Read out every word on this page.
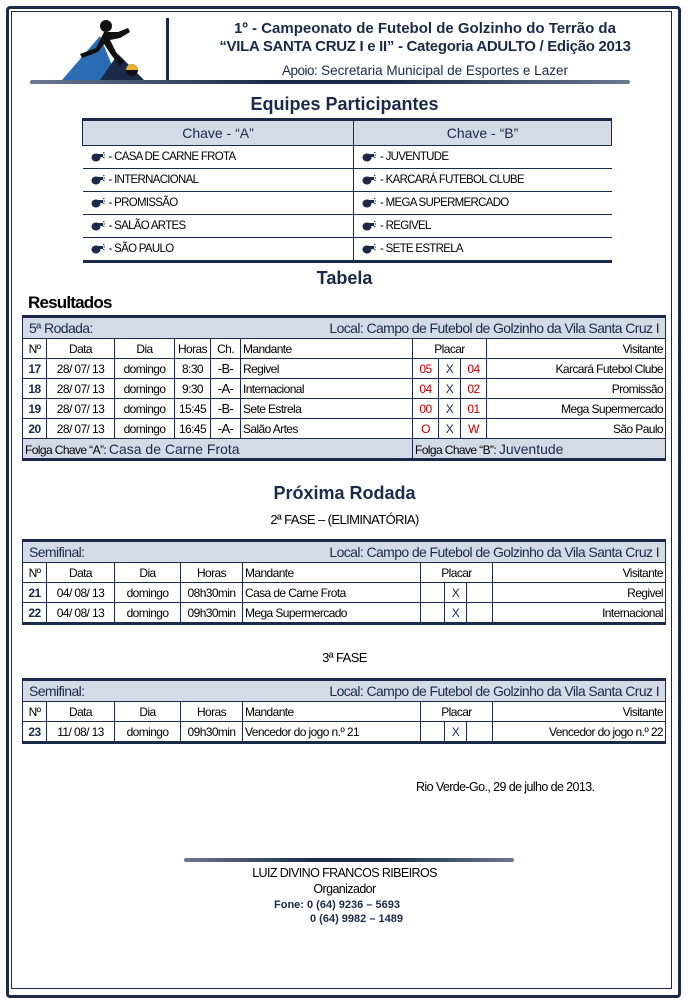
1º - Campeonato de Futebol de Golzinho do Terrão da
“VILA SANTA CRUZ I e II” - Categoria ADULTO / Edição 2013
Apoio: Secretaria Municipal de Esportes e Lazer
Equipes Participantes
Chave - “A”	Chave - “B”
- CASA DE CARNE FROTA	- JUVENTUDE
- INTERNACIONAL	- KARCARÁ FUTEBOL CLUBE
- PROMISSÃO	- MEGA SUPERMERCADO
- SALÃO ARTES	- REGIVEL
- SÃO PAULO	- SETE ESTRELA
Tabela
Resultados
5ª Rodada:					Local: Campo de Futebol de Golzinho da Vila Santa Cruz I				
Nº	Data	Dia	Horas	Ch.	Mandante	Placar			Visitante
17	28/ 07/ 13	domingo	8:30	-B-	Regivel	05	X	04	Karcará Futebol Clube
18	28/ 07/ 13	domingo	9:30	-A-	Internacional	04	X	02	Promissão
19	28/ 07/ 13	domingo	15:45	-B-	Sete Estrela	00	X	01	Mega Supermercado
20	28/ 07/ 13	domingo	16:45	-A-	Salão Artes	O	X	W	São Paulo
Folga Chave “A”: Casa de Carne Frota						Folga Chave “B”: Juventude			
Próxima Rodada
2ª FASE – (ELIMINATÓRIA)
Semifinal:				Local: Campo de Futebol de Golzinho da Vila Santa Cruz I				
Nº	Data	Dia	Horas	Mandante	Placar			Visitante
21	04/ 08/ 13	domingo	08h30min	Casa de Carne Frota		X		Regivel
22	04/ 08/ 13	domingo	09h30min	Mega Supermercado		X		Internacional
3ª FASE
Semifinal:				Local: Campo de Futebol de Golzinho da Vila Santa Cruz I				
Nº	Data	Dia	Horas	Mandante	Placar			Visitante
23	11/ 08/ 13	domingo	09h30min	Vencedor do jogo n.º 21		X		Vencedor do jogo n.º 22
Rio Verde-Go., 29 de julho de 2013.
LUIZ DIVINO FRANCOS RIBEIROS
Organizador
Fone: 0 (64) 9236 – 5693
0 (64) 9982 – 1489
